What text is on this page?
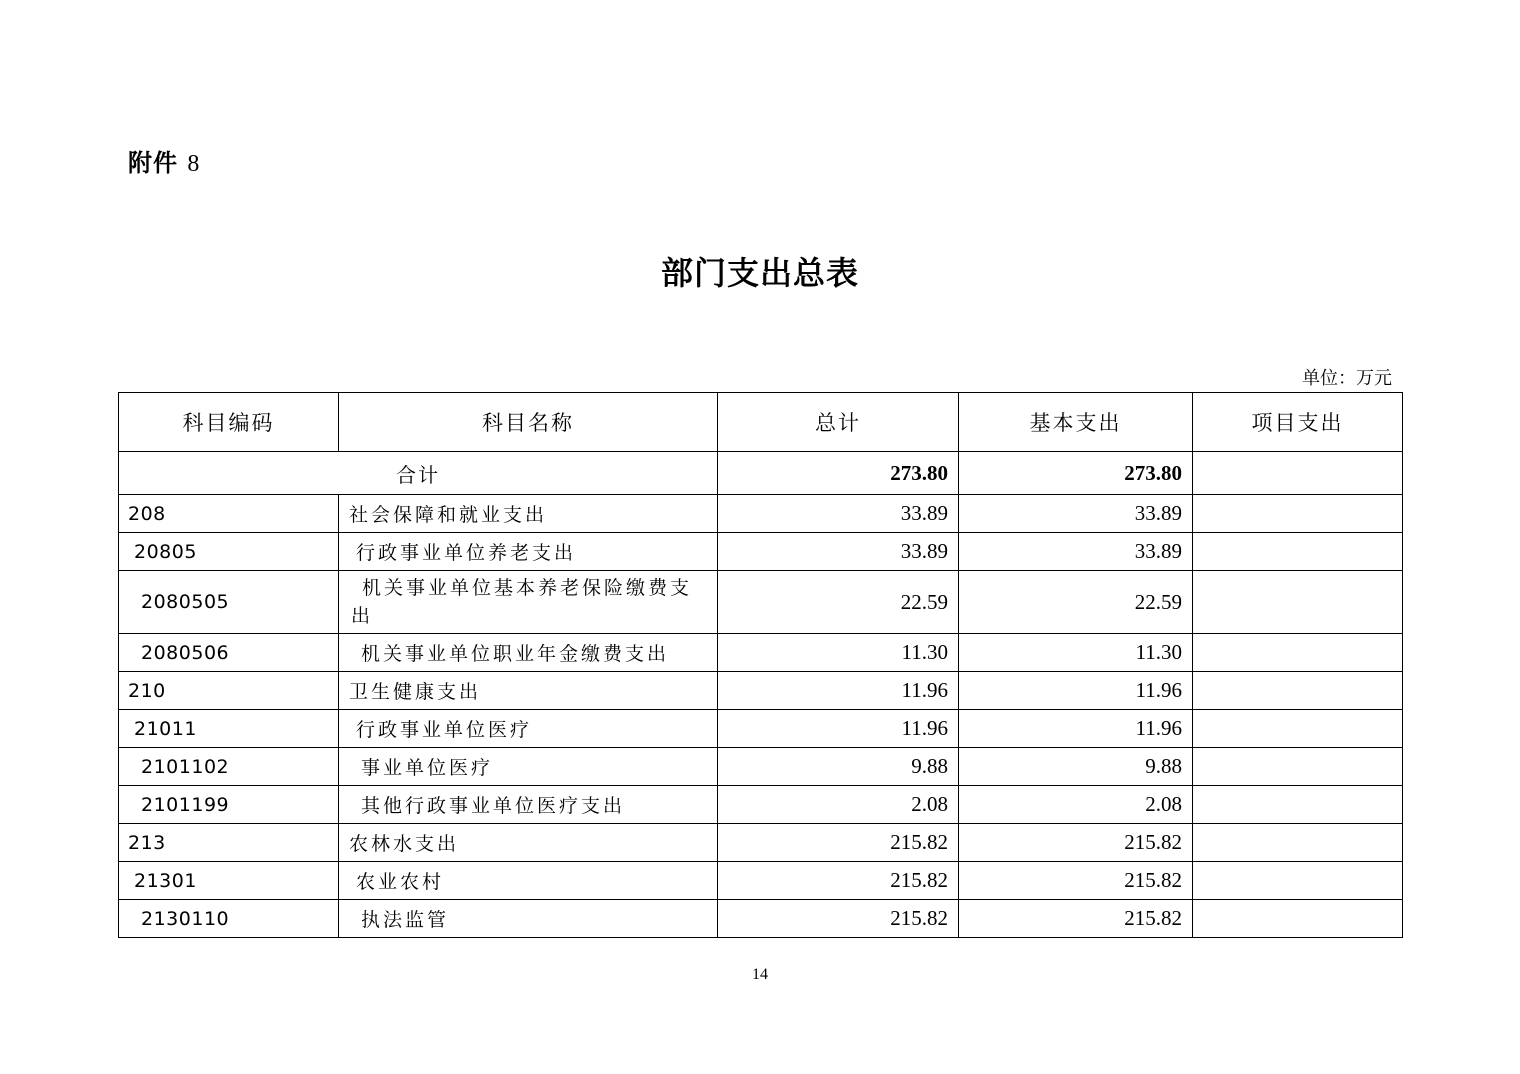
附件 8
部门支出总表
单位：万元
科目编码	科目名称	总计	基本支出	项目支出
合计		273.80	273.80	
208	社会保障和就业支出	33.89	33.89	
20805	行政事业单位养老支出	33.89	33.89	
2080505	机关事业单位基本养老保险缴费支出	22.59	22.59	
2080506	机关事业单位职业年金缴费支出	11.30	11.30	
210	卫生健康支出	11.96	11.96	
21011	行政事业单位医疗	11.96	11.96	
2101102	事业单位医疗	9.88	9.88	
2101199	其他行政事业单位医疗支出	2.08	2.08	
213	农林水支出	215.82	215.82	
21301	农业农村	215.82	215.82	
2130110	执法监管	215.82	215.82	
14
